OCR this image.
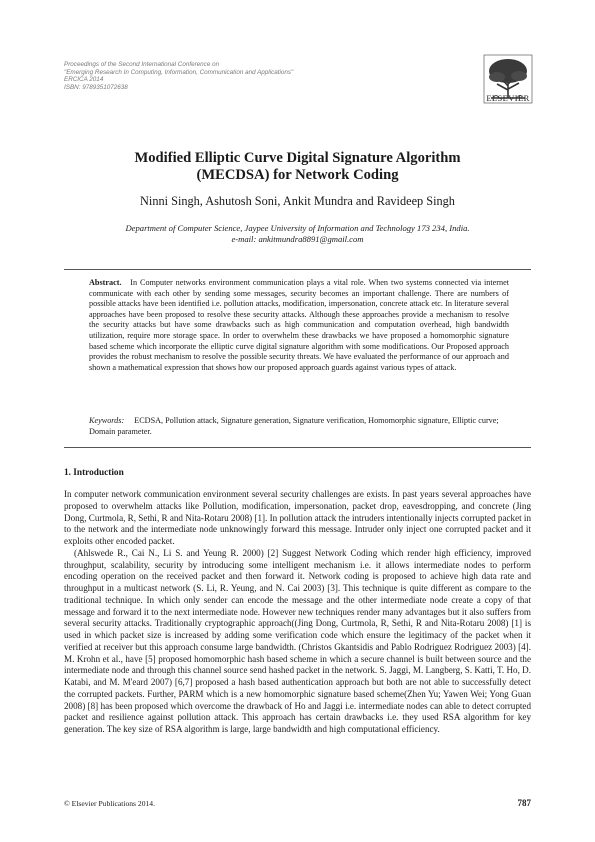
Proceedings of the Second International Conference on
"Emerging Research In Computing, Information, Communication and Applications"
ERCICA 2014
ISBN: 9789351072638
ELSEVIER
Modified Elliptic Curve Digital Signature Algorithm
(MECDSA) for Network Coding
Ninni Singh, Ashutosh Soni, Ankit Mundra and Ravideep Singh
Department of Computer Science, Jaypee University of Information and Technology 173 234, India.
e-mail: ankitmundra8891@gmail.com
Abstract. In Computer networks environment communication plays a vital role. When two systems connected via internet communicate with each other by sending some messages, security becomes an important challenge. There are numbers of possible attacks have been identified i.e. pollution attacks, modification, impersonation, concrete attack etc. In literature several approaches have been proposed to resolve these security attacks. Although these approaches provide a mechanism to resolve the security attacks but have some drawbacks such as high communication and computation overhead, high bandwidth utilization, require more storage space. In order to overwhelm these drawbacks we have proposed a homomorphic signature based scheme which incorporate the elliptic curve digital signature algorithm with some modifications. Our Proposed approach provides the robust mechanism to resolve the possible security threats. We have evaluated the performance of our approach and shown a mathematical expression that shows how our proposed approach guards against various types of attack.
Keywords: ECDSA, Pollution attack, Signature generation, Signature verification, Homomorphic signature, Elliptic curve; Domain parameter.
1. Introduction

In computer network communication environment several security challenges are exists. In past years several approaches have proposed to overwhelm attacks like Pollution, modification, impersonation, packet drop, eavesdropping, and concrete (Jing Dong, Curtmola, R, Sethi, R and Nita-Rotaru 2008) [1]. In pollution attack the intruders intentionally injects corrupted packet in to the network and the intermediate node unknowingly forward this message. Intruder only inject one corrupted packet and it exploits other encoded packet.

(Ahlswede R., Cai N., Li S. and Yeung R. 2000) [2] Suggest Network Coding which render high efficiency, improved throughput, scalability, security by introducing some intelligent mechanism i.e. it allows intermediate nodes to perform encoding operation on the received packet and then forward it. Network coding is proposed to achieve high data rate and throughput in a multicast network (S. Li, R. Yeung, and N. Cai 2003) [3]. This technique is quite different as compare to the traditional technique. In which only sender can encode the message and the other intermediate node create a copy of that message and forward it to the next intermediate node. However new techniques render many advantages but it also suffers from several security attacks. Traditionally cryptographic approach((Jing Dong, Curtmola, R, Sethi, R and Nita-Rotaru 2008) [1] is used in which packet size is increased by adding some verification code which ensure the legitimacy of the packet when it verified at receiver but this approach consume large bandwidth. (Christos Gkantsidis and Pablo Rodriguez Rodriguez 2003) [4]. M. Krohn et al., have [5] proposed homomorphic hash based scheme in which a secure channel is built between source and the intermediate node and through this channel source send hashed packet in the network. S. Jaggi, M. Langberg, S. Katti, T. Ho, D. Katabi, and M. M'eard 2007) [6,7] proposed a hash based authentication approach but both are not able to successfully detect the corrupted packets. Further, PARM which is a new homomorphic signature based scheme(Zhen Yu; Yawen Wei; Yong Guan 2008) [8] has been proposed which overcome the drawback of Ho and Jaggi i.e. intermediate nodes can able to detect corrupted packet and resilience against pollution attack. This approach has certain drawbacks i.e. they used RSA algorithm for key generation. The key size of RSA algorithm is large, large bandwidth and high computational efficiency.

© Elsevier Publications 2014.	787
